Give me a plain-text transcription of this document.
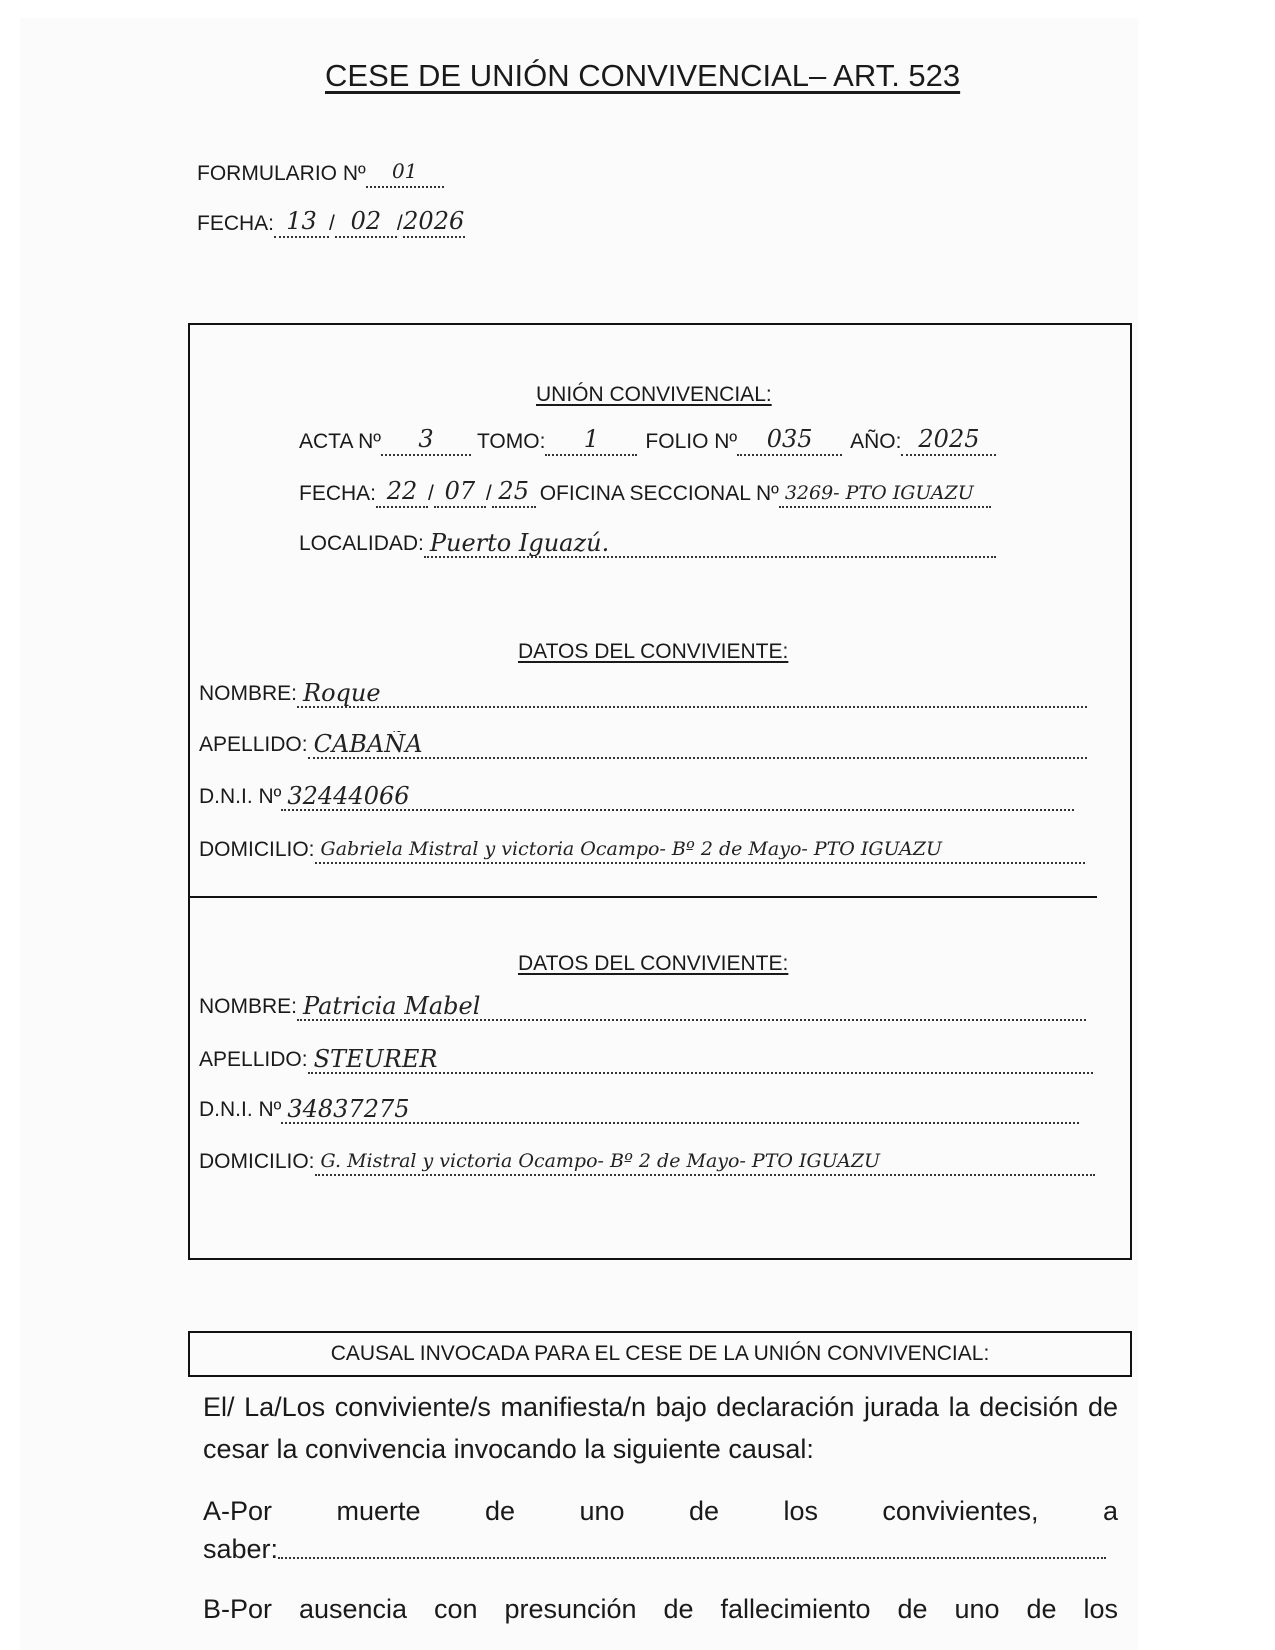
CESE DE UNIÓN CONVIVENCIAL– ART. 523
FORMULARIO Nº	01
FECHA: 13 / 02 / 2026
UNIÓN CONVIVENCIAL:
ACTA Nº	3	TOMO:	1	FOLIO Nº	035	AÑO: 2025
FECHA: 22 / 07 / 25 OFICINA SECCIONAL Nº 3269- PTO IGUAZU
LOCALIDAD: Puerto Iguazú.
DATOS DEL CONVIVIENTE:
NOMBRE: Roque
APELLIDO: CABAÑA
D.N.I. Nº 32444066
DOMICILIO: Gabriela Mistral y victoria Ocampo- Bº 2 de Mayo- PTO IGUAZU
DATOS DEL CONVIVIENTE:
NOMBRE: Patricia Mabel
APELLIDO: STEURER
D.N.I. Nº 34837275
DOMICILIO: G. Mistral y victoria Ocampo- Bº 2 de Mayo- PTO IGUAZU
CAUSAL INVOCADA PARA EL CESE DE LA UNIÓN CONVIVENCIAL:
El/ La/Los conviviente/s manifiesta/n bajo declaración jurada la decisión de cesar la convivencia invocando la siguiente causal:
A-Por muerte de uno de los convivientes, a
saber:
B-Por ausencia con presunción de fallecimiento de uno de los
